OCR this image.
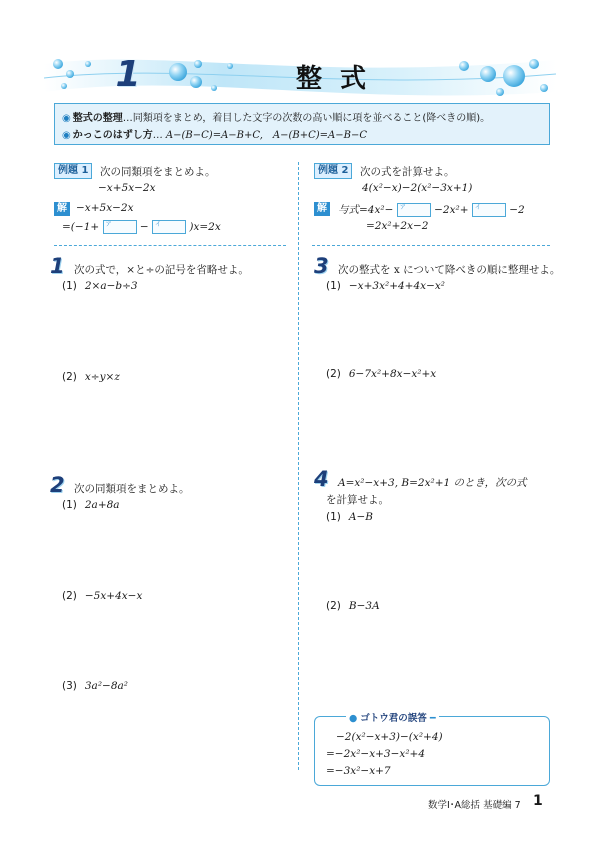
1	整式
◉ 整式の整理…同類項をまとめ，着目した文字の次数の高い順に項を並べること(降べきの順)。
◉ かっこのはずし方… A−(B−C)=A−B+C,　A−(B+C)=A−B−C
例題 1	次の同類項をまとめよ。
−x+5x−2x
解 −x+5x−2x
=(−1+ ア	− イ	)x=2x
例題 2	次の式を計算せよ。
4(x²−x)−2(x²−3x+1)
解 与式=4x²− ア	−2x²+ イ	−2
=2x²+2x−2
1 次の式で，×と÷の記号を省略せよ。
(1) 2×a−b÷3
(2) x÷y×z
2 次の同類項をまとめよ。
(1) 2a+8a
(2) −5x+4x−x
(3) 3a²−8a²
3 次の整式を x について降べきの順に整理せよ。
(1) −x+3x²+4+4x−x²
(2) 6−7x²+8x−x²+x
4 A=x²−x+3, B=2x²+1 のとき，次の式
を計算せよ。
(1) A−B
(2) B−3A
● ゴトウ君の誤答 ━
−2(x²−x+3)−(x²+4)
=−2x²−x+3−x²+4
=−3x²−x+7
数学Ⅰ･A総括 基礎編 7 1
